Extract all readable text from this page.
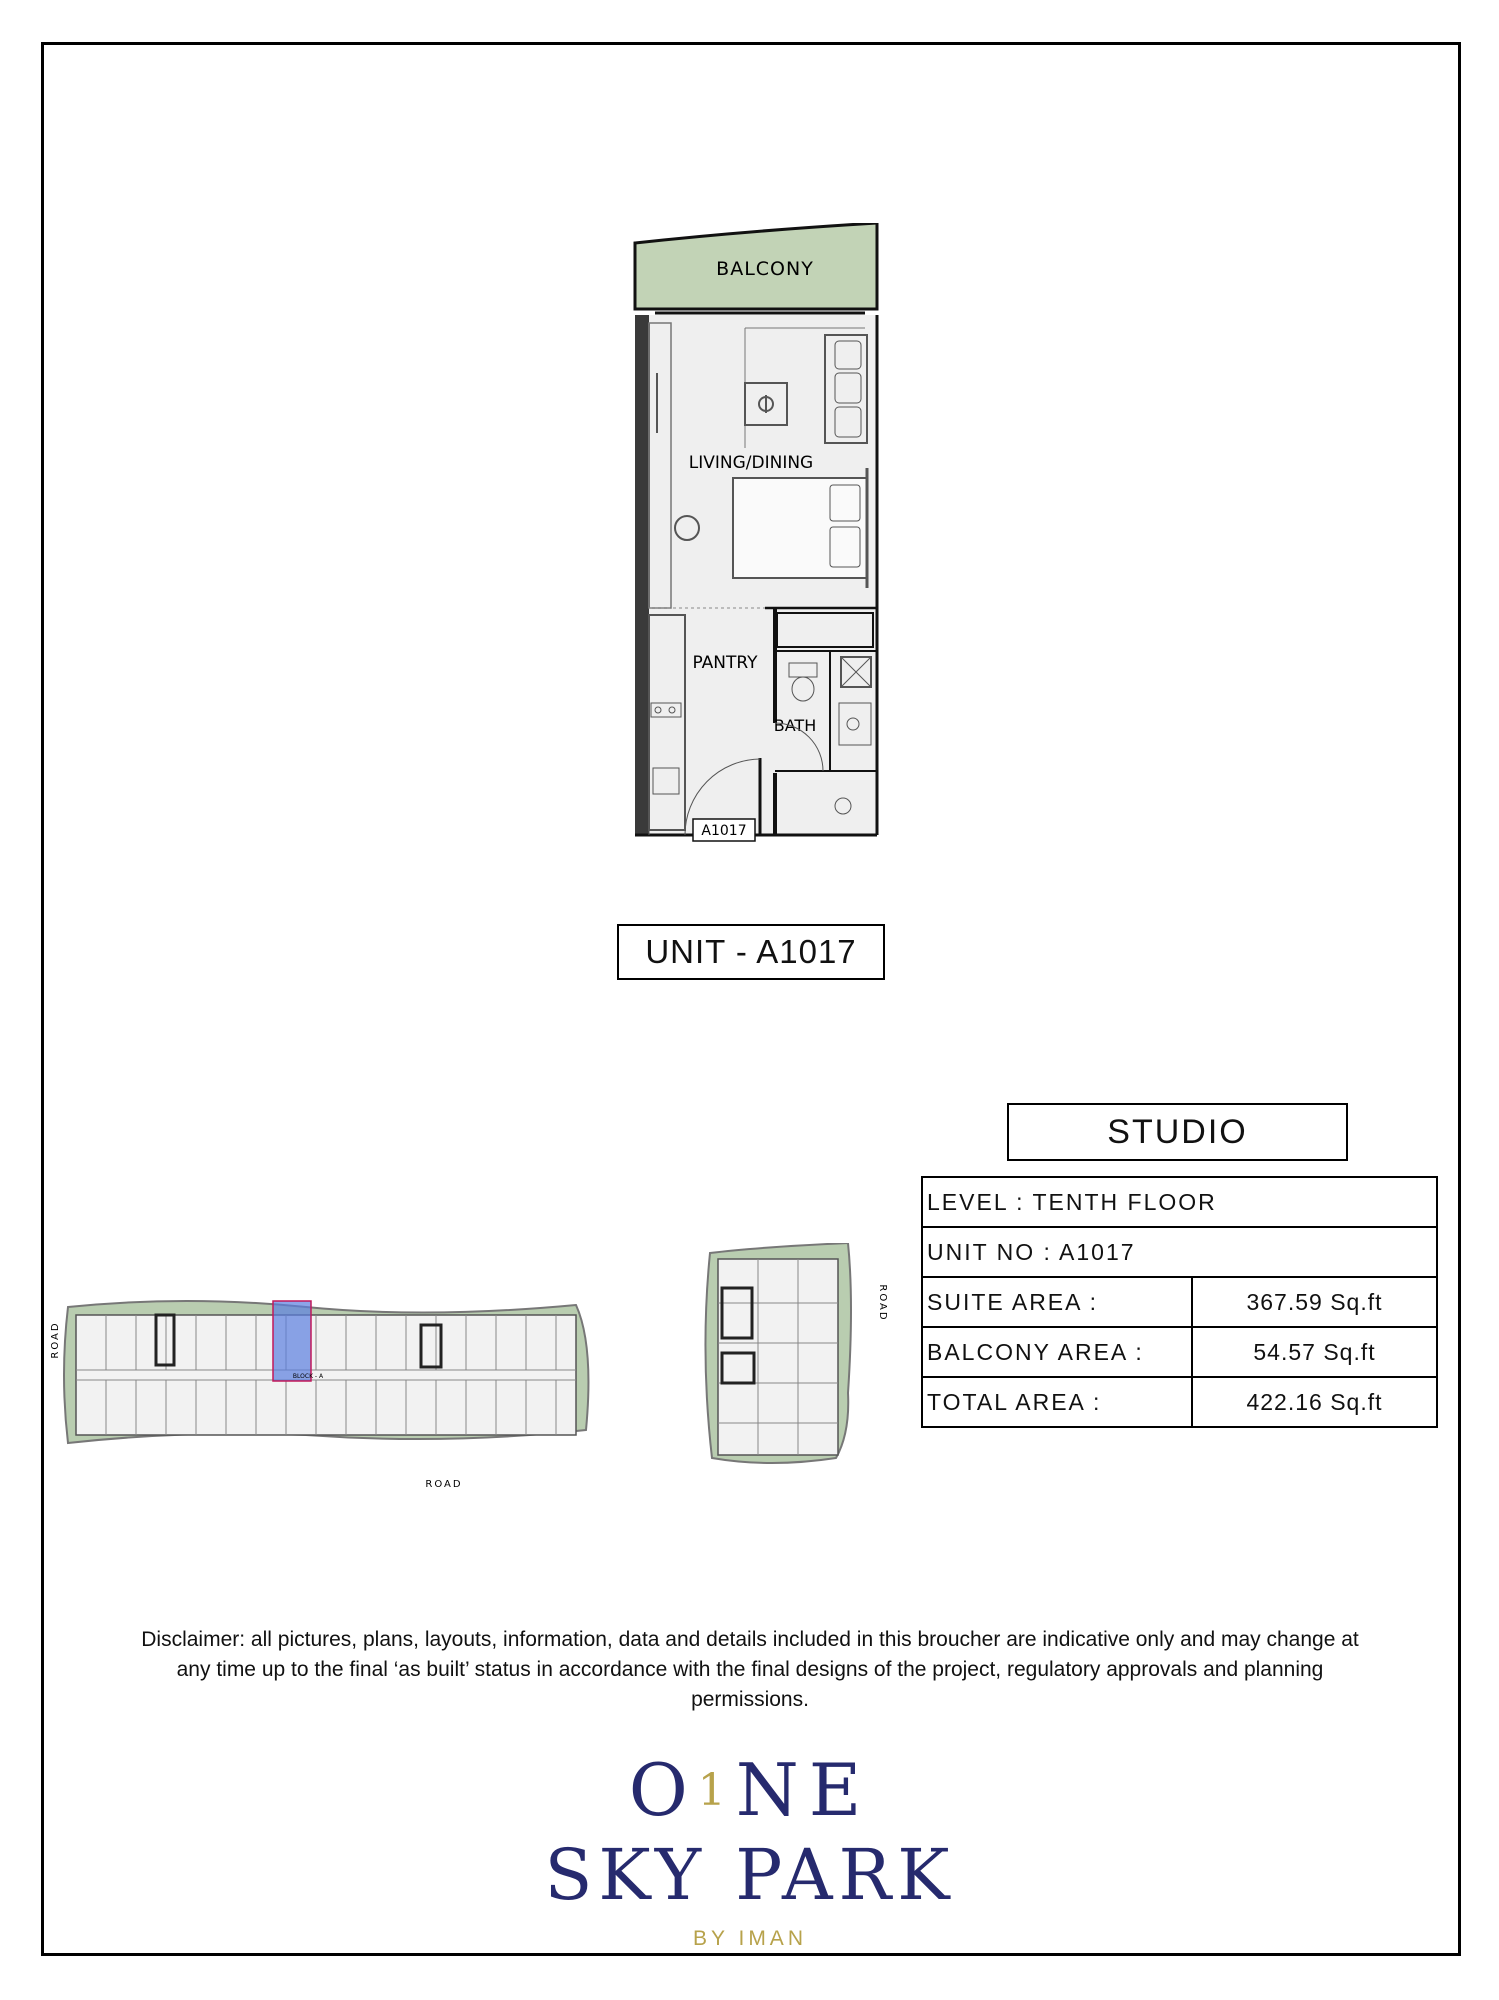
BALCONY
LIVING/DINING
PANTRY
BATH
A1017
UNIT - A1017
STUDIO
LEVEL : TENTH FLOOR	
UNIT NO : A1017	
SUITE AREA :	367.59 Sq.ft
BALCONY AREA :	54.57 Sq.ft
TOTAL AREA :	422.16 Sq.ft
ROAD
BLOCK - A
ROAD
ROAD
Disclaimer: all pictures, plans, layouts, information, data and details included in this broucher are indicative only and may change at any time up to the final ‘as built’ status in accordance with the final designs of the project, regulatory approvals and planning permissions.
O1NE
SKY PARK
BY IMAN
